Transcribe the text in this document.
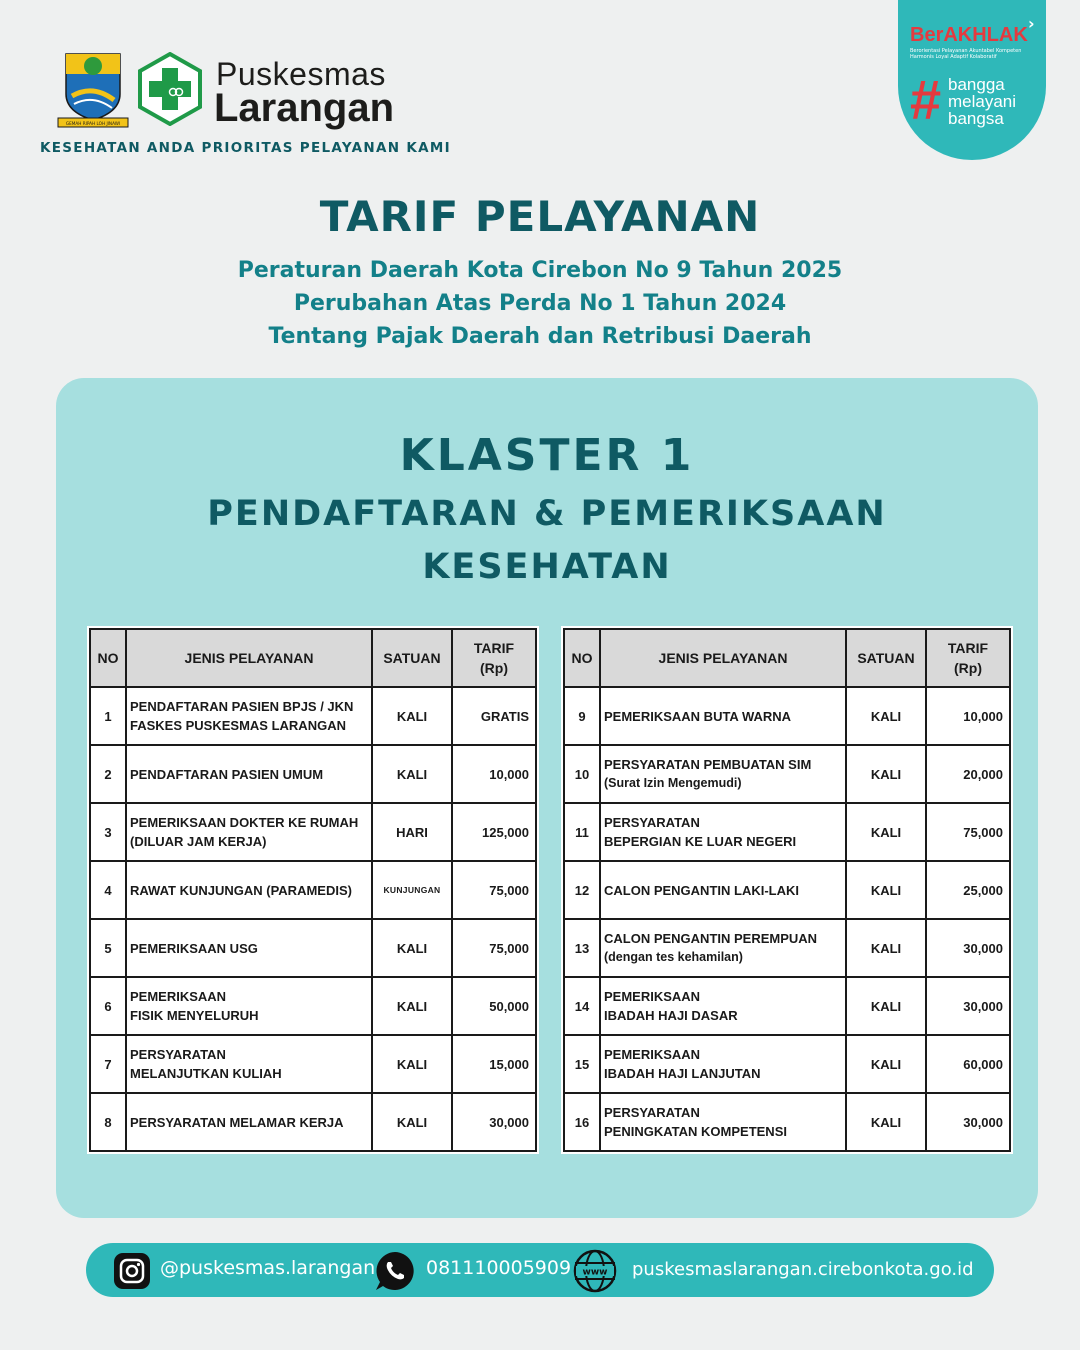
GEMAH RIPAH LOH JINAWI
Puskesmas
Larangan
KESEHATAN ANDA PRIORITAS PELAYANAN KAMI
BerAKHLAK
›
Berorientasi Pelayanan Akuntabel Kompeten Harmonis Loyal Adaptif Kolaboratif
# bangga
melayani
bangsa
TARIF PELAYANAN
Peraturan Daerah Kota Cirebon No 9 Tahun 2025
Perubahan Atas Perda No 1 Tahun 2024
Tentang Pajak Daerah dan Retribusi Daerah
KLASTER 1
PENDAFTARAN & PEMERIKSAAN
KESEHATAN
NO	JENIS PELAYANAN	SATUAN	TARIF
(Rp)

1	PENDAFTARAN PASIEN BPJS / JKN
FASKES PUSKESMAS LARANGAN	KALI	GRATIS
2	PENDAFTARAN PASIEN UMUM	KALI	10,000
3	PEMERIKSAAN DOKTER KE RUMAH
(DILUAR JAM KERJA)	HARI	125,000
4	RAWAT KUNJUNGAN (PARAMEDIS)	KUNJUNGAN	75,000
5	PEMERIKSAAN USG	KALI	75,000
6	PEMERIKSAAN
FISIK MENYELURUH	KALI	50,000
7	PERSYARATAN
MELANJUTKAN KULIAH	KALI	15,000
8	PERSYARATAN MELAMAR KERJA	KALI	30,000
NO	JENIS PELAYANAN	SATUAN	TARIF
(Rp)

9	PEMERIKSAAN BUTA WARNA	KALI	10,000
10	PERSYARATAN PEMBUATAN SIM
(Surat Izin Mengemudi)	KALI	20,000
11	PERSYARATAN
BEPERGIAN KE LUAR NEGERI	KALI	75,000
12	CALON PENGANTIN LAKI-LAKI	KALI	25,000
13	CALON PENGANTIN PEREMPUAN
(dengan tes kehamilan)	KALI	30,000
14	PEMERIKSAAN
IBADAH HAJI DASAR	KALI	30,000
15	PEMERIKSAAN
IBADAH HAJI LANJUTAN	KALI	60,000
16	PERSYARATAN
PENINGKATAN KOMPETENSI	KALI	30,000
@puskesmas.larangan	081110005909 www puskesmaslarangan.cirebonkota.go.id
